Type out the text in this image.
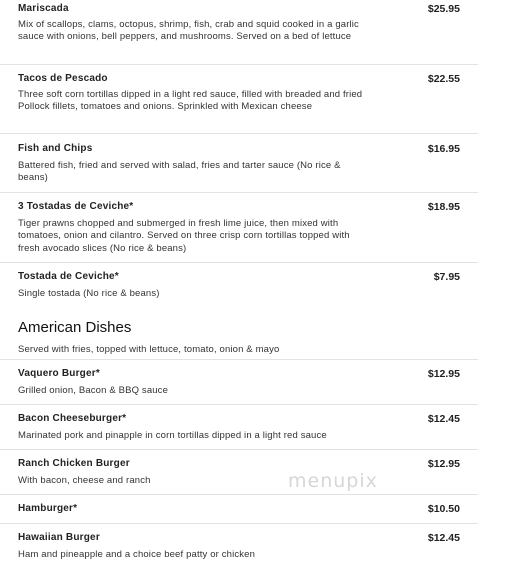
Mariscada	$25.95
Mix of scallops, clams, octopus, shrimp, fish, crab and squid cooked in a garlic sauce with onions, bell peppers, and mushrooms. Served on a bed of lettuce
Tacos de Pescado	$22.55
Three soft corn tortillas dipped in a light red sauce, filled with breaded and fried Pollock fillets, tomatoes and onions. Sprinkled with Mexican cheese
Fish and Chips	$16.95
Battered fish, fried and served with salad, fries and tarter sauce (No rice & beans)
3 Tostadas de Ceviche*	$18.95
Tiger prawns chopped and submerged in fresh lime juice, then mixed with tomatoes, onion and cilantro. Served on three crisp corn tortillas topped with fresh avocado slices (No rice & beans)
Tostada de Ceviche*	$7.95
Single tostada (No rice & beans)
American Dishes
Served with fries, topped with lettuce, tomato, onion & mayo
Vaquero Burger*	$12.95
Grilled onion, Bacon & BBQ sauce
Bacon Cheeseburger*	$12.45
Marinated pork and pinapple in corn tortillas dipped in a light red sauce
Ranch Chicken Burger	$12.95
With bacon, cheese and ranch
Hamburger*	$10.50
Hawaiian Burger	$12.45
Ham and pineapple and a choice beef patty or chicken
menupix
